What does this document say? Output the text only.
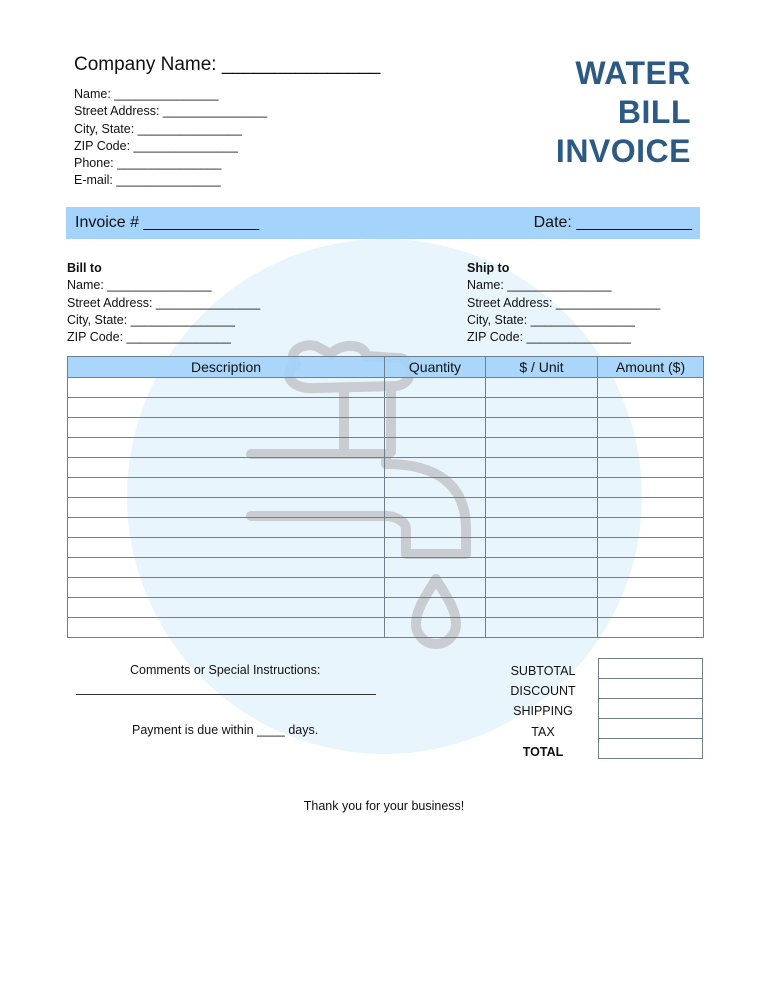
Company Name: _______________
Name: _______________
Street Address: _______________
City, State: _______________
ZIP Code: _______________
Phone: _______________
E-mail: _______________
WATER
BILL
INVOICE
Invoice # _____________	Date: _____________
Bill to
Name: _______________
Street Address: _______________
City, State: _______________
ZIP Code: _______________
Ship to
Name: _______________
Street Address: _______________
City, State: _______________
ZIP Code: _______________
Description	Quantity	$ / Unit	Amount ($)

Comments or Special Instructions:
Payment is due within ____ days.
SUBTOTAL
DISCOUNT
SHIPPING
TAX
TOTAL

Thank you for your business!
